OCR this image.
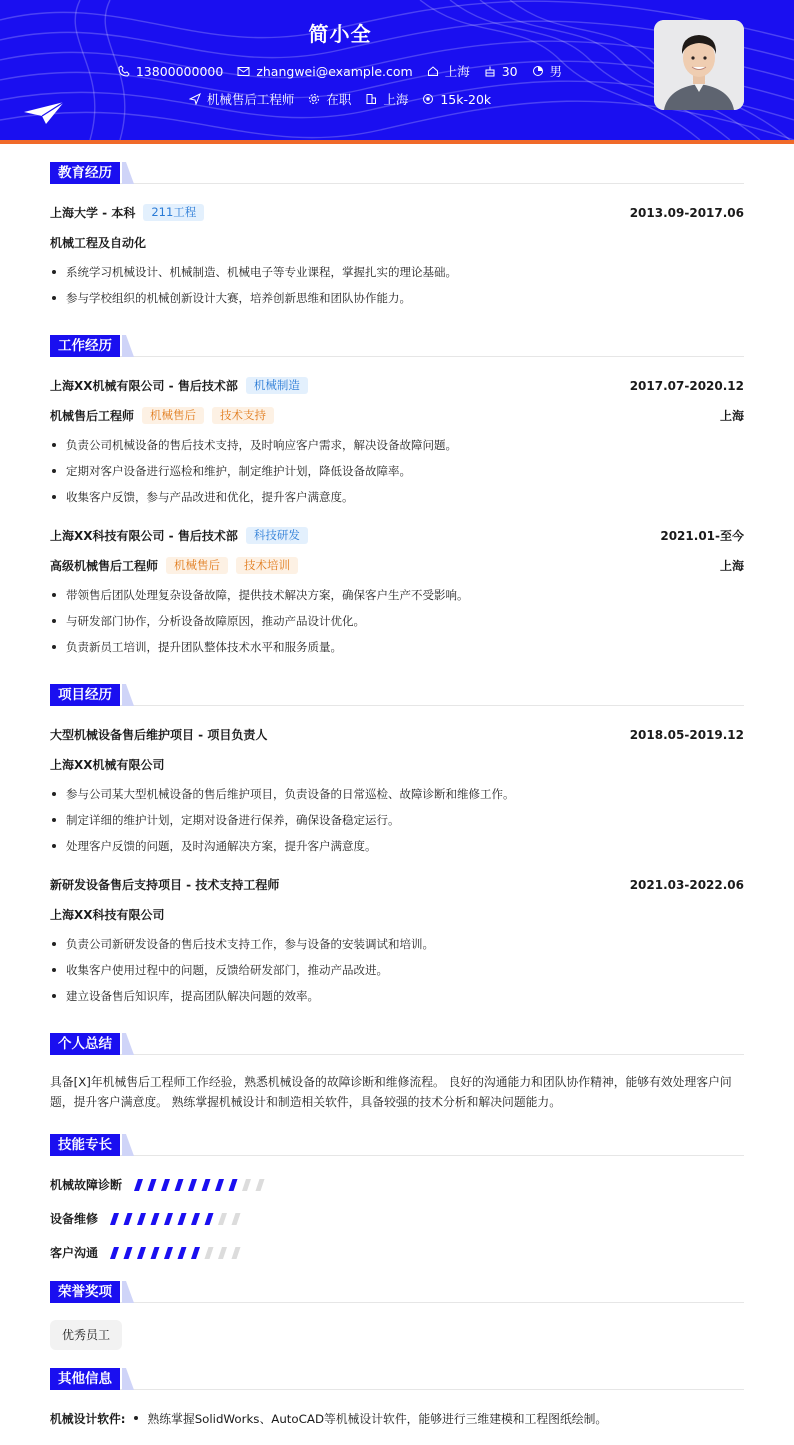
简小全
13800000000	zhangwei@example.com	上海	30	男
机械售后工程师	在职	上海	15k-20k
教育经历
上海大学 - 本科	211工程	2013.09-2017.06
机械工程及自动化
系统学习机械设计、机械制造、机械电子等专业课程，掌握扎实的理论基础。
参与学校组织的机械创新设计大赛，培养创新思维和团队协作能力。
工作经历
上海XX机械有限公司 - 售后技术部	机械制造	2017.07-2020.12
机械售后工程师	机械售后	技术支持	上海
负责公司机械设备的售后技术支持，及时响应客户需求，解决设备故障问题。
定期对客户设备进行巡检和维护，制定维护计划，降低设备故障率。
收集客户反馈，参与产品改进和优化，提升客户满意度。
上海XX科技有限公司 - 售后技术部	科技研发	2021.01-至今
高级机械售后工程师	机械售后	技术培训	上海
带领售后团队处理复杂设备故障，提供技术解决方案，确保客户生产不受影响。
与研发部门协作，分析设备故障原因，推动产品设计优化。
负责新员工培训，提升团队整体技术水平和服务质量。
项目经历
大型机械设备售后维护项目 - 项目负责人	2018.05-2019.12
上海XX机械有限公司
参与公司某大型机械设备的售后维护项目，负责设备的日常巡检、故障诊断和维修工作。
制定详细的维护计划，定期对设备进行保养，确保设备稳定运行。
处理客户反馈的问题，及时沟通解决方案，提升客户满意度。
新研发设备售后支持项目 - 技术支持工程师	2021.03-2022.06
上海XX科技有限公司
负责公司新研发设备的售后技术支持工作，参与设备的安装调试和培训。
收集客户使用过程中的问题，反馈给研发部门，推动产品改进。
建立设备售后知识库，提高团队解决问题的效率。
个人总结
具备[X]年机械售后工程师工作经验，熟悉机械设备的故障诊断和维修流程。 良好的沟通能力和团队协作精神，能够有效处理客户问题，提升客户满意度。 熟练掌握机械设计和制造相关软件，具备较强的技术分析和解决问题能力。
技能专长
机械故障诊断
设备维修
客户沟通
荣誉奖项
优秀员工
其他信息
机械设计软件:	熟练掌握SolidWorks、AutoCAD等机械设计软件，能够进行三维建模和工程图纸绘制。
